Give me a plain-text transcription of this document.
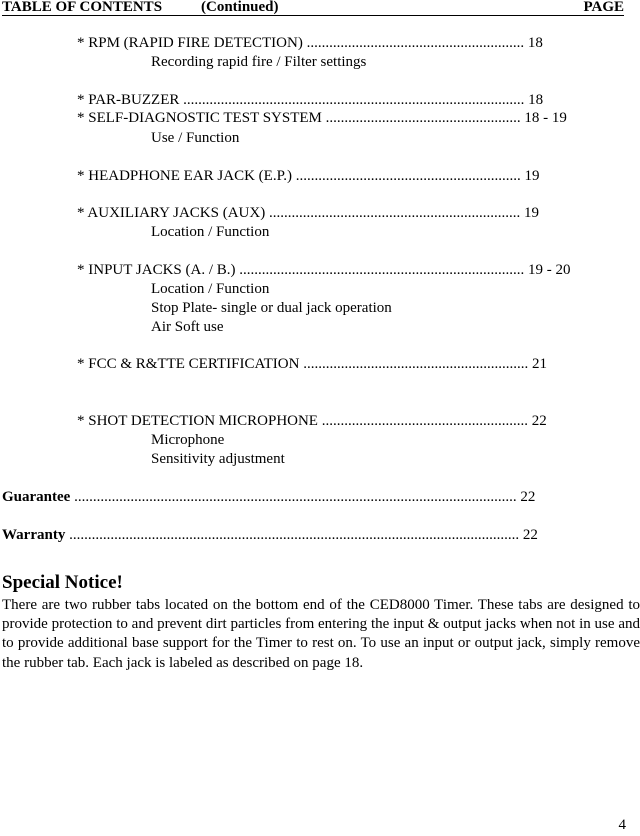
TABLE OF CONTENTS	(Continued)	PAGE
* RPM (RAPID FIRE DETECTION) .......................................................... 18
Recording rapid fire / Filter settings
* PAR-BUZZER ........................................................................................... 18
* SELF-DIAGNOSTIC TEST SYSTEM .................................................... 18 - 19
Use / Function
* HEADPHONE EAR JACK (E.P.) ............................................................ 19
* AUXILIARY JACKS (AUX) ................................................................... 19
Location / Function
* INPUT JACKS (A. / B.) ............................................................................ 19 - 20
Location / Function
Stop Plate- single or dual jack operation
Air Soft use
* FCC & R&TTE CERTIFICATION ............................................................ 21
* SHOT DETECTION MICROPHONE ....................................................... 22
Microphone
Sensitivity adjustment
Guarantee ...................................................................................................................... 22
Warranty ........................................................................................................................ 22
Special Notice!
There are two rubber tabs located on the bottom end of the CED8000 Timer. These tabs are designed to provide protection to and prevent dirt particles from entering the input & output jacks when not in use and to provide additional base support for the Timer to rest on. To use an input or output jack, simply remove the rubber tab. Each jack is labeled as described on page 18.
4
